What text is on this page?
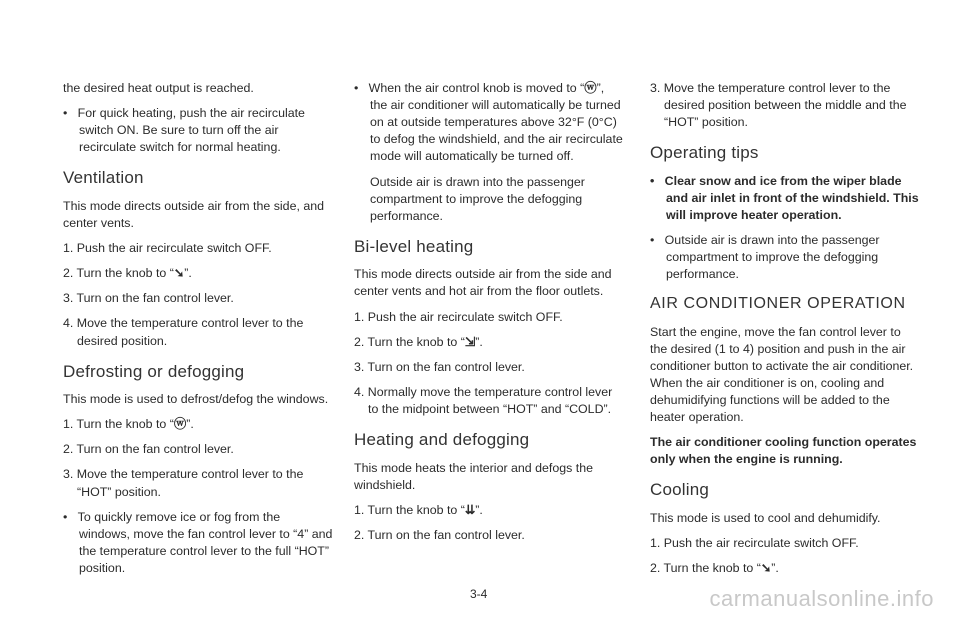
the desired heat output is reached.

•   For quick heating, push the air recirculate switch ON. Be sure to turn off the air recirculate switch for normal heating.

Ventilation

This mode directs outside air from the side, and center vents.

1. Push the air recirculate switch OFF.

2. Turn the knob to “➘”.

3. Turn on the fan control lever.

4. Move the temperature control lever to the desired position.

Defrosting or defogging

This mode is used to defrost/defog the windows.

1. Turn the knob to “ⓦ”.

2. Turn on the fan control lever.

3. Move the temperature control lever to the “HOT” position.

•   To quickly remove ice or fog from the windows, move the fan control lever to “4” and the temperature control lever to the full “HOT” position.

•   When the air control knob is moved to “ⓦ”, the air conditioner will automatically be turned on at outside temperatures above 32°F (0°C) to defog the windshield, and the air recirculate mode will automatically be turned off.

Outside air is drawn into the passenger compartment to improve the defogging performance.

Bi-level heating

This mode directs outside air from the side and center vents and hot air from the floor outlets.

1. Push the air recirculate switch OFF.

2. Turn the knob to “⇲”.

3. Turn on the fan control lever.

4. Normally move the temperature control lever to the midpoint between “HOT” and “COLD”.

Heating and defogging

This mode heats the interior and defogs the windshield.

1. Turn the knob to “⇊”.

2. Turn on the fan control lever.

3. Move the temperature control lever to the desired position between the middle and the “HOT” position.

Operating tips

•   Clear snow and ice from the wiper blade and air inlet in front of the windshield. This will improve heater operation.

•   Outside air is drawn into the passenger compartment to improve the defogging performance.

AIR CONDITIONER OPERATION

Start the engine, move the fan control lever to the desired (1 to 4) position and push in the air conditioner button to activate the air conditioner. When the air conditioner is on, cooling and dehumidifying functions will be added to the heater operation.

The air conditioner cooling function operates only when the engine is running.

Cooling

This mode is used to cool and dehumidify.

1. Push the air recirculate switch OFF.

2. Turn the knob to “➘”.

3-4	carmanualsonline.info
